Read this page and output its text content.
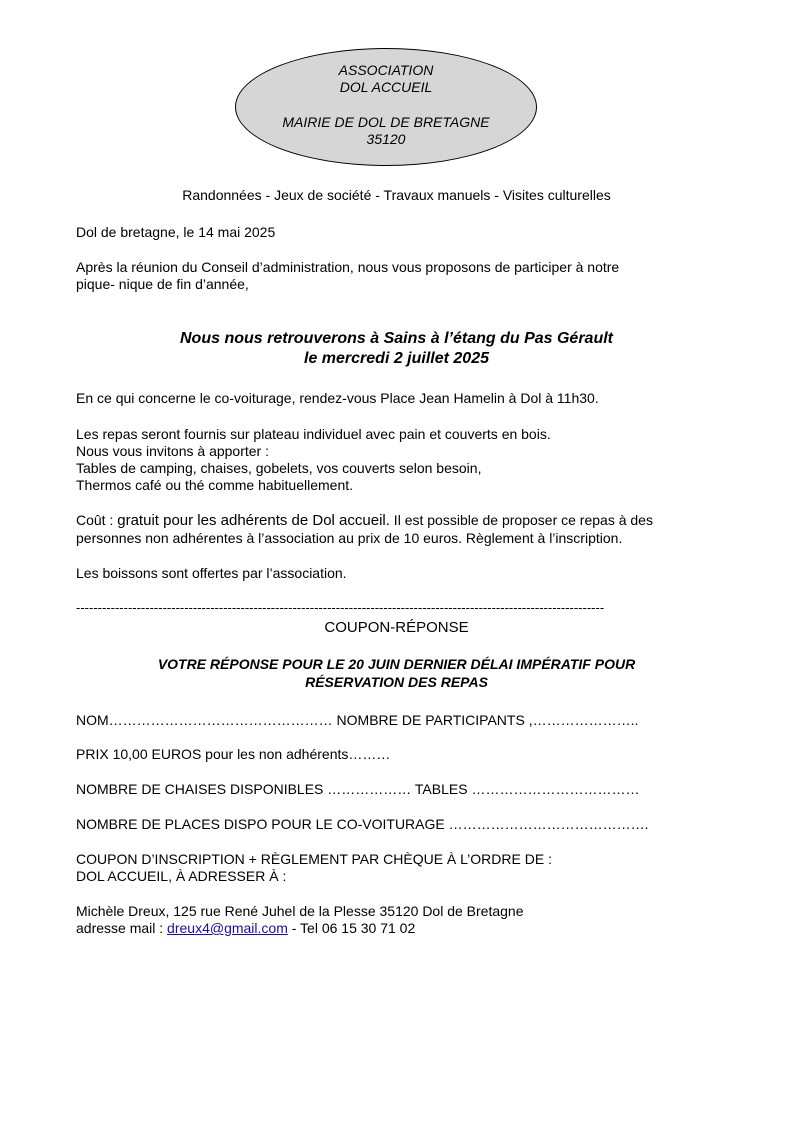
ASSOCIATION
DOL ACCUEIL
MAIRIE DE DOL DE BRETAGNE
35120

Randonnées - Jeux de société - Travaux manuels - Visites culturelles

Dol de bretagne, le 14 mai 2025

Après la réunion du Conseil d’administration, nous vous proposons de participer à notre

pique- nique de fin d’année,

Nous nous retrouverons à Sains à l’étang du Pas Gérault

le mercredi 2 juillet 2025

En ce qui concerne le co-voiturage, rendez-vous Place Jean Hamelin à Dol à 11h30.

Les repas seront fournis sur plateau individuel avec pain et couverts en bois.

Nous vous invitons à apporter :

Tables de camping, chaises, gobelets, vos couverts selon besoin,

Thermos café ou thé comme habituellement.

Coût : gratuit pour les adhérents de Dol accueil. Il est possible de proposer ce repas à des

personnes non adhérentes à l’association au prix de 10 euros. Règlement à l’inscription.

Les boissons sont offertes par l’association.

--------------------------------------------------------------------------------------------------------------------------

COUPON-RÉPONSE

VOTRE RÉPONSE POUR LE 20 JUIN DERNIER DÉLAI IMPÉRATIF POUR

RÉSERVATION DES REPAS

NOM………………………………………… NOMBRE DE PARTICIPANTS ,…………………..

PRIX 10,00 EUROS pour les non adhérents………

NOMBRE DE CHAISES DISPONIBLES ……………… TABLES ………………………………

NOMBRE DE PLACES DISPO POUR LE CO-VOITURAGE …………………………………….

COUPON D’INSCRIPTION + RÈGLEMENT PAR CHÈQUE À L’ORDRE DE :

DOL ACCUEIL, À ADRESSER À :

Michèle Dreux, 125 rue René Juhel de la Plesse 35120 Dol de Bretagne

adresse mail : dreux4@gmail.com - Tel 06 15 30 71 02
